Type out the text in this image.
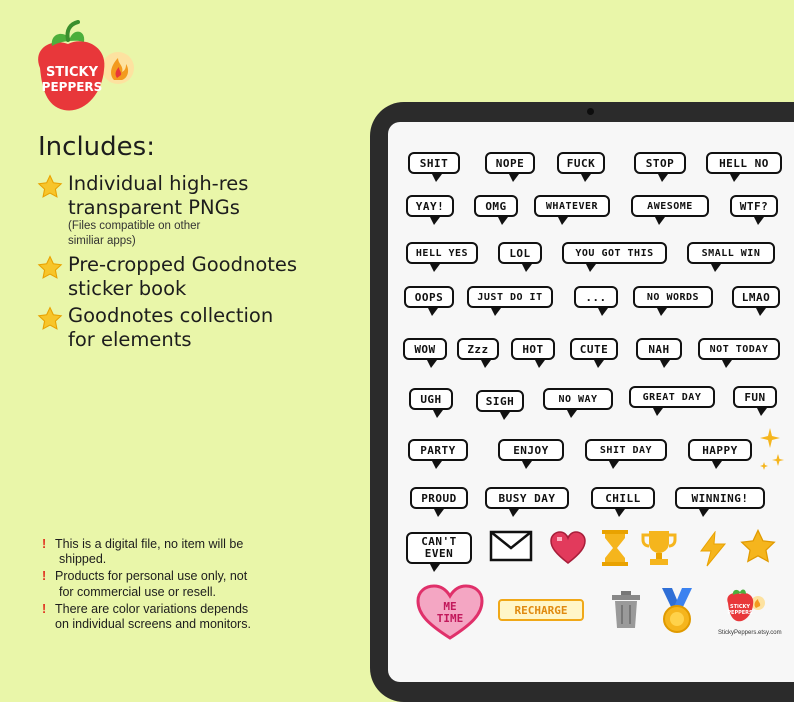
STICKY
PEPPERS
Includes:
Individual high-res
transparent PNGs
(Files compatible on other
similiar apps)
Pre-cropped Goodnotes
sticker book
Goodnotes collection
for elements
! This is a digital file, no item will be
shipped.
! Products for personal use only, not
for commercial use or resell.
! There are color variations depends
on individual screens and monitors.
SHIT	NOPE	FUCK	STOP	HELL NO
YAY!	OMG	WHATEVER	AWESOME	WTF?
HELL YES	LOL	YOU GOT THIS	SMALL WIN
OOPS	JUST DO IT	...	NO WORDS	LMAO
WOW	Zzz	HOT	CUTE	NAH	NOT TODAY
UGH	SIGH	NO WAY	GREAT DAY	FUN
PARTY	ENJOY	SHIT DAY	HAPPY
PROUD	BUSY DAY	CHILL	WINNING!
CAN'T
EVEN
ME
TIME
RECHARGE	STICKY
PEPPERS
StickyPeppers.etsy.com
